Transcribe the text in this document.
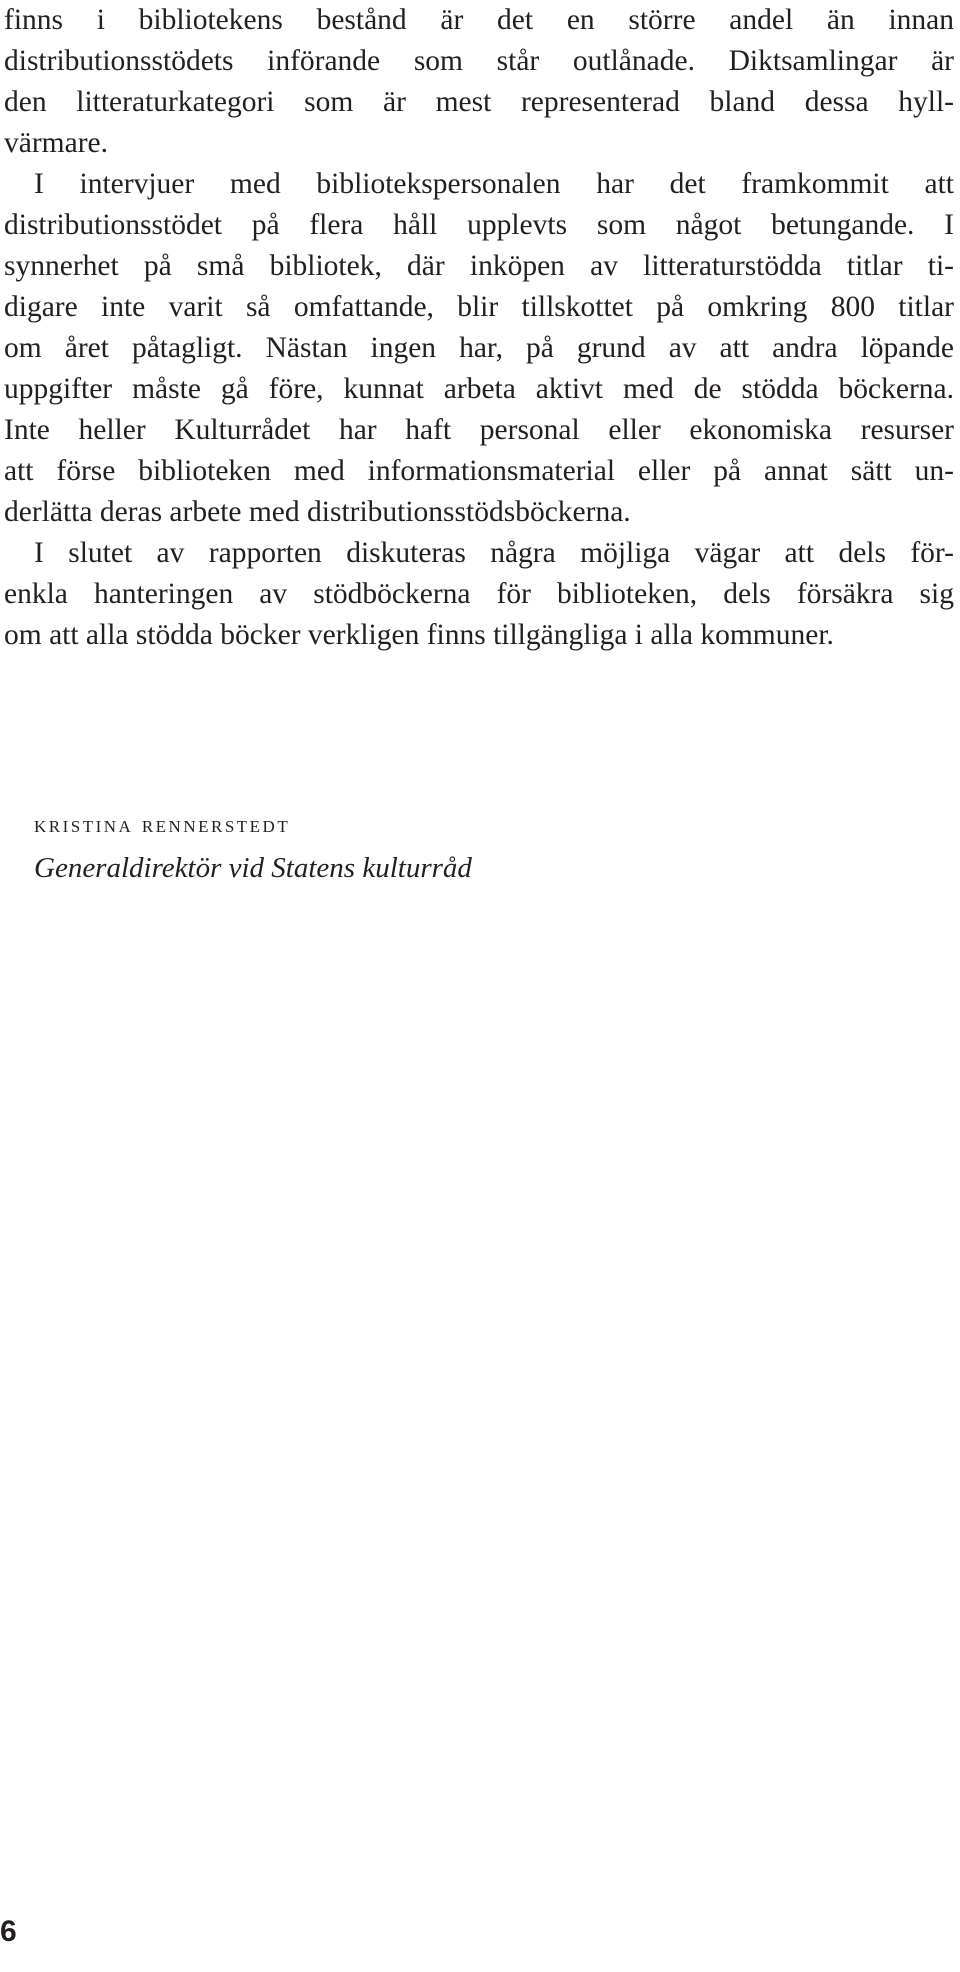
finns i bibliotekens bestånd är det en större andel än innan
distributionsstödets införande som står outlånade. Diktsamlingar är
den litteraturkategori som är mest representerad bland dessa hyll-
värmare.

I intervjuer med bibliotekspersonalen har det framkommit att
distributionsstödet på flera håll upplevts som något betungande. I
synnerhet på små bibliotek, där inköpen av litteraturstödda titlar ti-
digare inte varit så omfattande, blir tillskottet på omkring 800 titlar
om året påtagligt. Nästan ingen har, på grund av att andra löpande
uppgifter måste gå före, kunnat arbeta aktivt med de stödda böckerna.
Inte heller Kulturrådet har haft personal eller ekonomiska resurser
att förse biblioteken med informationsmaterial eller på annat sätt un-
derlätta deras arbete med distributionsstödsböckerna.

I slutet av rapporten diskuteras några möjliga vägar att dels för-
enkla hanteringen av stödböckerna för biblioteken, dels försäkra sig
om att alla stödda böcker verkligen finns tillgängliga i alla kommuner.

kristina rennerstedt
Generaldirektör vid Statens kulturråd
6
